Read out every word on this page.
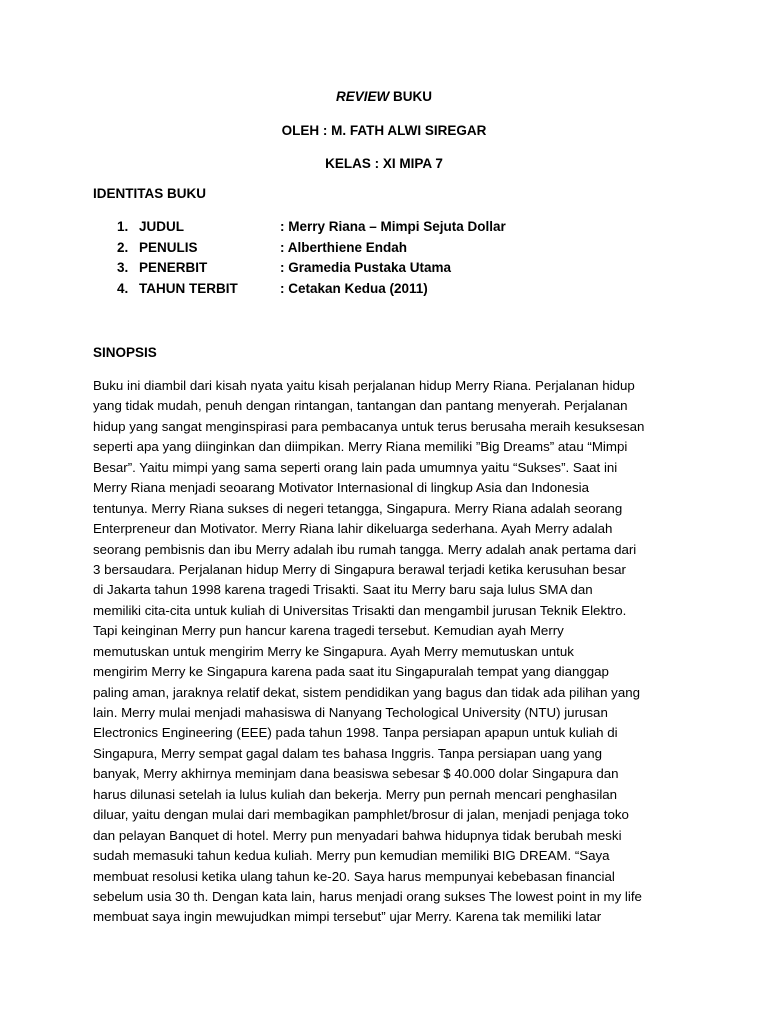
REVIEW BUKU
OLEH : M. FATH ALWI SIREGAR
KELAS : XI MIPA 7
IDENTITAS BUKU
1. JUDUL	: Merry Riana – Mimpi Sejuta Dollar
2. PENULIS	: Alberthiene Endah
3. PENERBIT	: Gramedia Pustaka Utama
4. TAHUN TERBIT	: Cetakan Kedua (2011)
SINOPSIS

Buku ini diambil dari kisah nyata yaitu kisah perjalanan hidup Merry Riana. Perjalanan hidup
yang tidak mudah, penuh dengan rintangan, tantangan dan pantang menyerah. Perjalanan
hidup yang sangat menginspirasi para pembacanya untuk terus berusaha meraih kesuksesan
seperti apa yang diinginkan dan diimpikan. Merry Riana memiliki ”Big Dreams” atau “Mimpi
Besar”. Yaitu mimpi yang sama seperti orang lain pada umumnya yaitu “Sukses”. Saat ini
Merry Riana menjadi seoarang Motivator Internasional di lingkup Asia dan Indonesia
tentunya. Merry Riana sukses di negeri tetangga, Singapura. Merry Riana adalah seorang
Enterpreneur dan Motivator. Merry Riana lahir dikeluarga sederhana. Ayah Merry adalah
seorang pembisnis dan ibu Merry adalah ibu rumah tangga. Merry adalah anak pertama dari
3 bersaudara. Perjalanan hidup Merry di Singapura berawal terjadi ketika kerusuhan besar
di Jakarta tahun 1998 karena tragedi Trisakti. Saat itu Merry baru saja lulus SMA dan
memiliki cita-cita untuk kuliah di Universitas Trisakti dan mengambil jurusan Teknik Elektro.
Tapi keinginan Merry pun hancur karena tragedi tersebut. Kemudian ayah Merry
memutuskan untuk mengirim Merry ke Singapura. Ayah Merry memutuskan untuk
mengirim Merry ke Singapura karena pada saat itu Singapuralah tempat yang dianggap
paling aman, jaraknya relatif dekat, sistem pendidikan yang bagus dan tidak ada pilihan yang
lain. Merry mulai menjadi mahasiswa di Nanyang Techological University (NTU) jurusan
Electronics Engineering (EEE) pada tahun 1998. Tanpa persiapan apapun untuk kuliah di
Singapura, Merry sempat gagal dalam tes bahasa Inggris. Tanpa persiapan uang yang
banyak, Merry akhirnya meminjam dana beasiswa sebesar $ 40.000 dolar Singapura dan
harus dilunasi setelah ia lulus kuliah dan bekerja. Merry pun pernah mencari penghasilan
diluar, yaitu dengan mulai dari membagikan pamphlet/brosur di jalan, menjadi penjaga toko
dan pelayan Banquet di hotel. Merry pun menyadari bahwa hidupnya tidak berubah meski
sudah memasuki tahun kedua kuliah. Merry pun kemudian memiliki BIG DREAM. “Saya
membuat resolusi ketika ulang tahun ke-20. Saya harus mempunyai kebebasan financial
sebelum usia 30 th. Dengan kata lain, harus menjadi orang sukses The lowest point in my life
membuat saya ingin mewujudkan mimpi tersebut” ujar Merry. Karena tak memiliki latar
